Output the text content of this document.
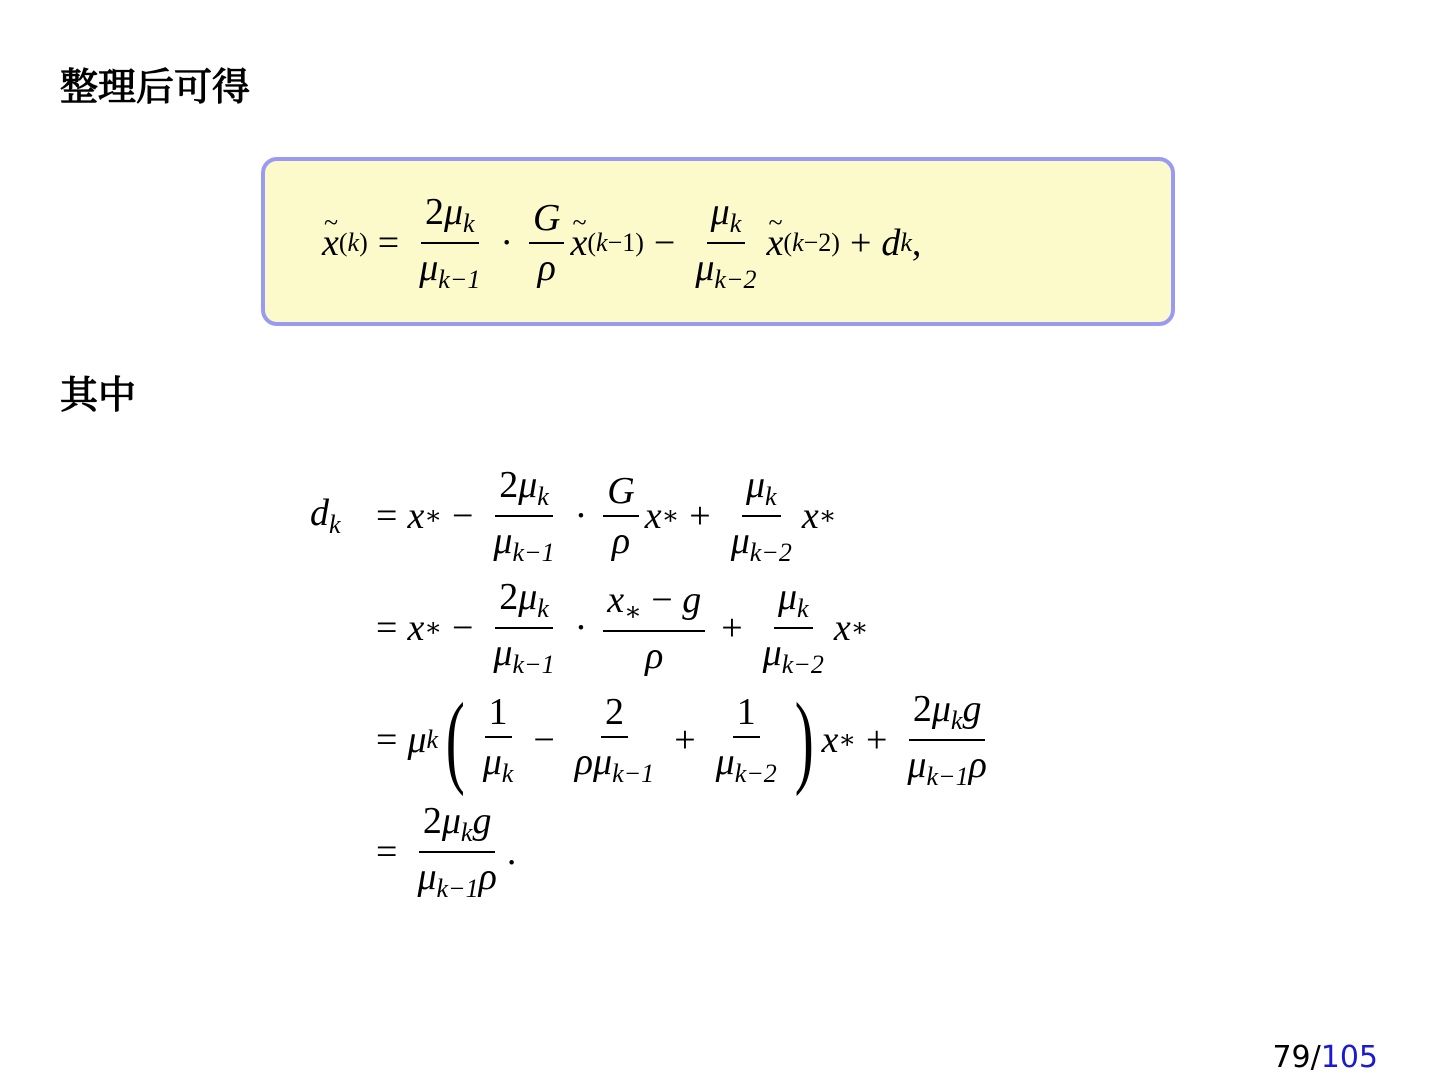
整理后可得
~ x $(k) = \frac{2\mu_k}{\mu_{k-1}} \cdot \frac{G}{\rho}$ ~ x $(k-1) - \frac{\mu_k}{\mu_{k-2}}$ ~ x (k−2) + d k ,
其中
$d_k = x$ ∗ − $\frac{2\mu_k}{\mu_{k-1}} \cdot \frac{G}{\rho}$ x ∗ + $\frac{\mu_k}{\mu_{k-2}}$ x ∗
= x ∗ − $\frac{2\mu_k}{\mu_{k-1}} \cdot \frac{x_∗ - g}{\rho} + \frac{\mu_k}{\mu_{k-2}}$ x ∗
= μ k ( $\frac{1}{\mu_k} - \frac{2}{\rho\mu_{k-1}} + \frac{1}{\mu_{k-2}}$ ) x ∗ + $\frac{2\mu_kg}{\mu_{k-1}\rho}$
= $\frac{2\mu_kg}{\mu_{k-1}\rho}$ .
79/105
